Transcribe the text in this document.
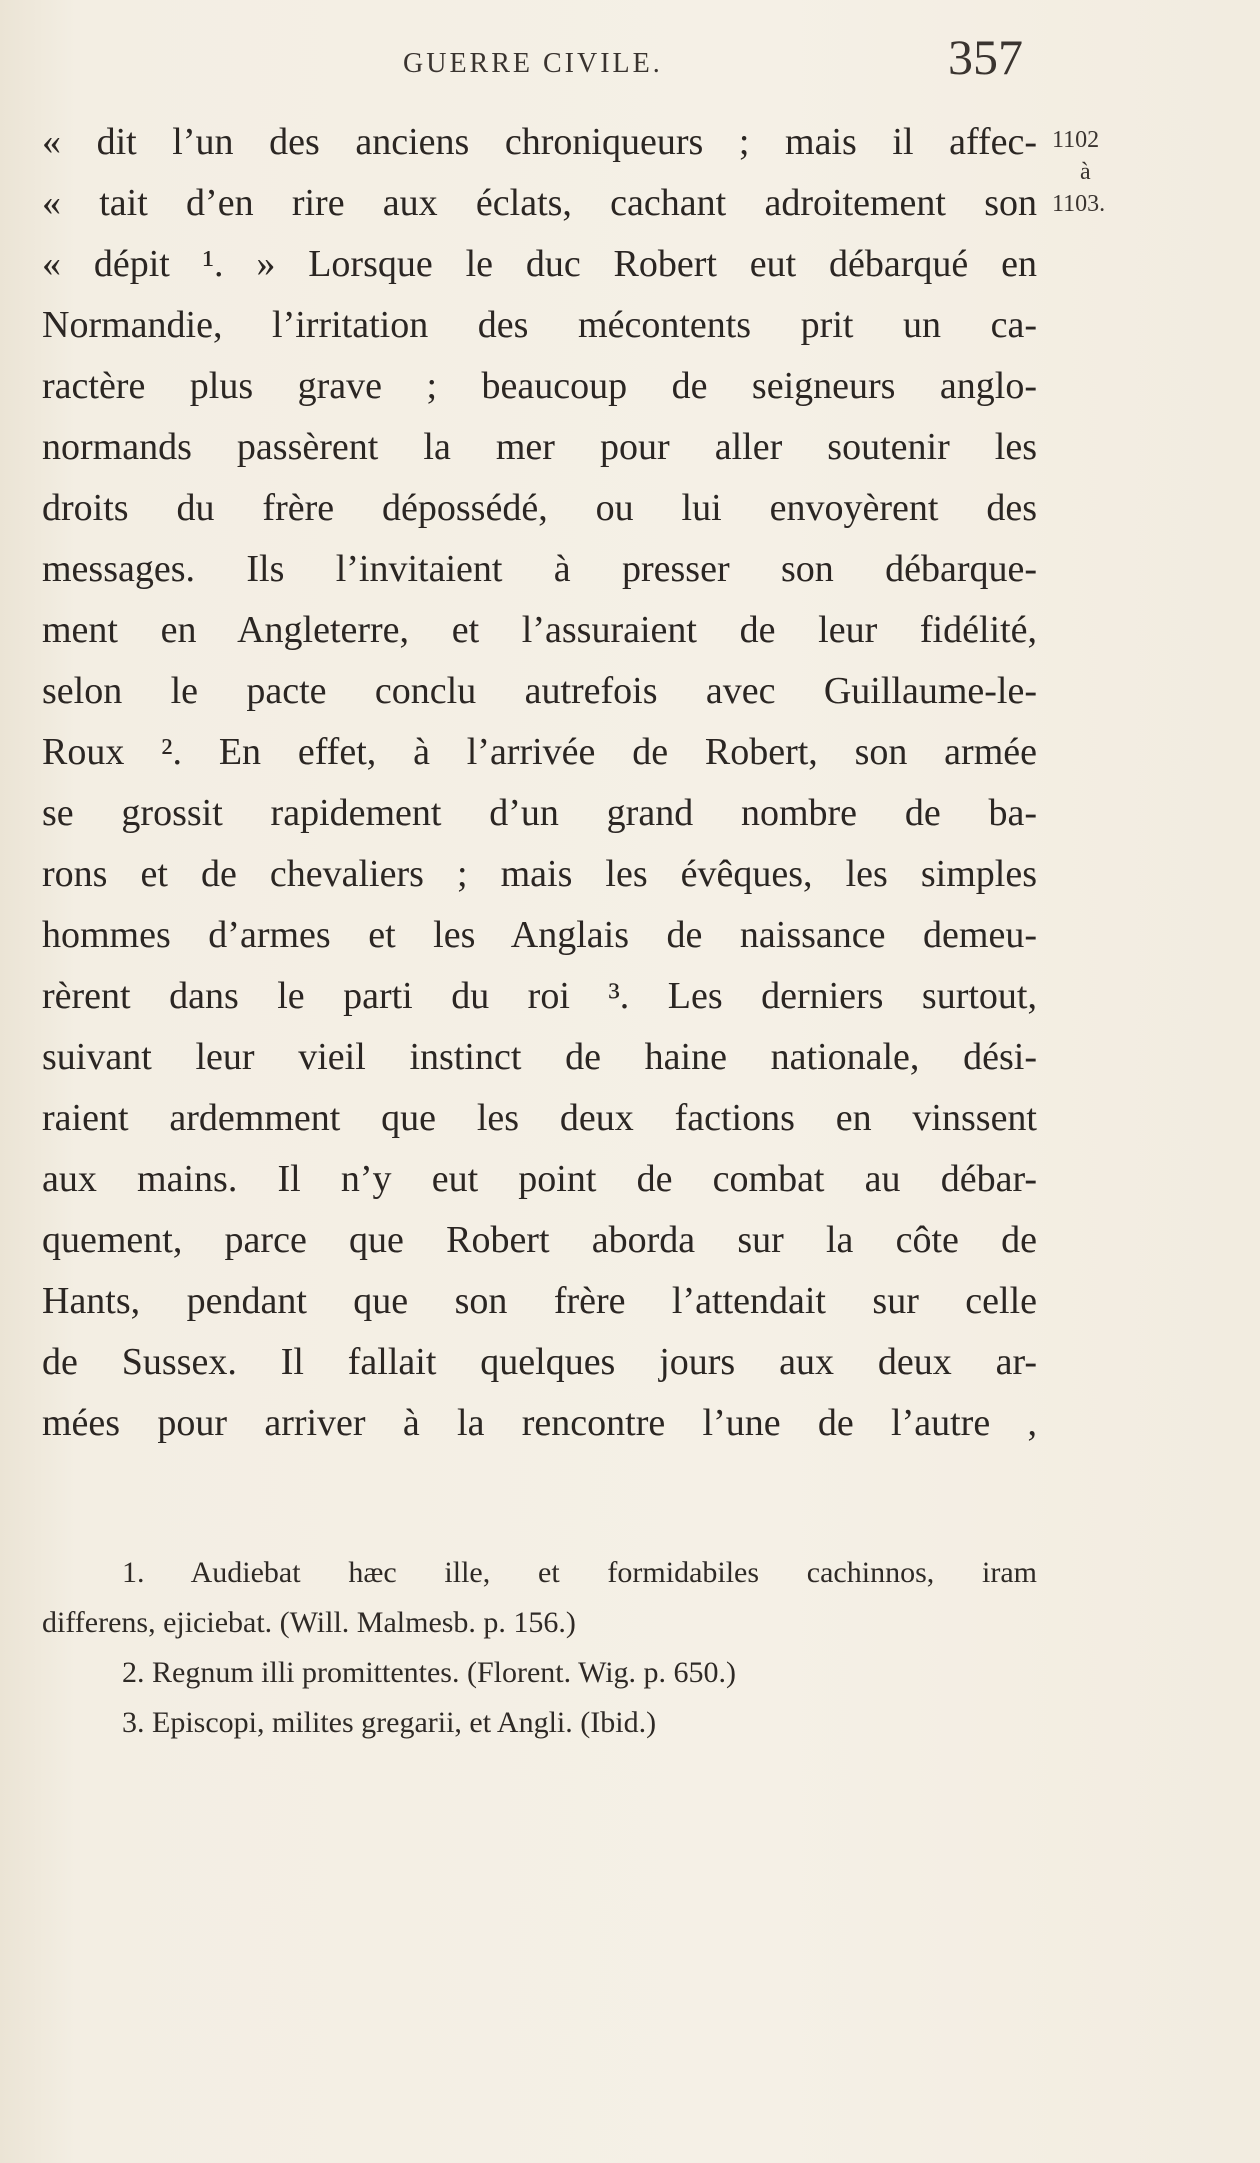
GUERRE CIVILE.	357
1102
à
1103.
« dit l’un des anciens chroniqueurs ; mais il affec-
« tait d’en rire aux éclats, cachant adroitement son
« dépit ¹. » Lorsque le duc Robert eut débarqué en
Normandie, l’irritation des mécontents prit un ca-
ractère plus grave ; beaucoup de seigneurs anglo-
normands passèrent la mer pour aller soutenir les
droits du frère dépossédé, ou lui envoyèrent des
messages. Ils l’invitaient à presser son débarque-
ment en Angleterre, et l’assuraient de leur fidélité,
selon le pacte conclu autrefois avec Guillaume-le-
Roux ². En effet, à l’arrivée de Robert, son armée
se grossit rapidement d’un grand nombre de ba-
rons et de chevaliers ; mais les évêques, les simples
hommes d’armes et les Anglais de naissance demeu-
rèrent dans le parti du roi ³. Les derniers surtout,
suivant leur vieil instinct de haine nationale, dési-
raient ardemment que les deux factions en vinssent
aux mains. Il n’y eut point de combat au débar-
quement, parce que Robert aborda sur la côte de
Hants, pendant que son frère l’attendait sur celle
de Sussex. Il fallait quelques jours aux deux ar-
mées pour arriver à la rencontre l’une de l’autre ,
1. Audiebat hæc ille, et formidabiles cachinnos, iram
differens, ejiciebat. (Will. Malmesb. p. 156.)
2. Regnum illi promittentes. (Florent. Wig. p. 650.)
3. Episcopi, milites gregarii, et Angli. (Ibid.)
